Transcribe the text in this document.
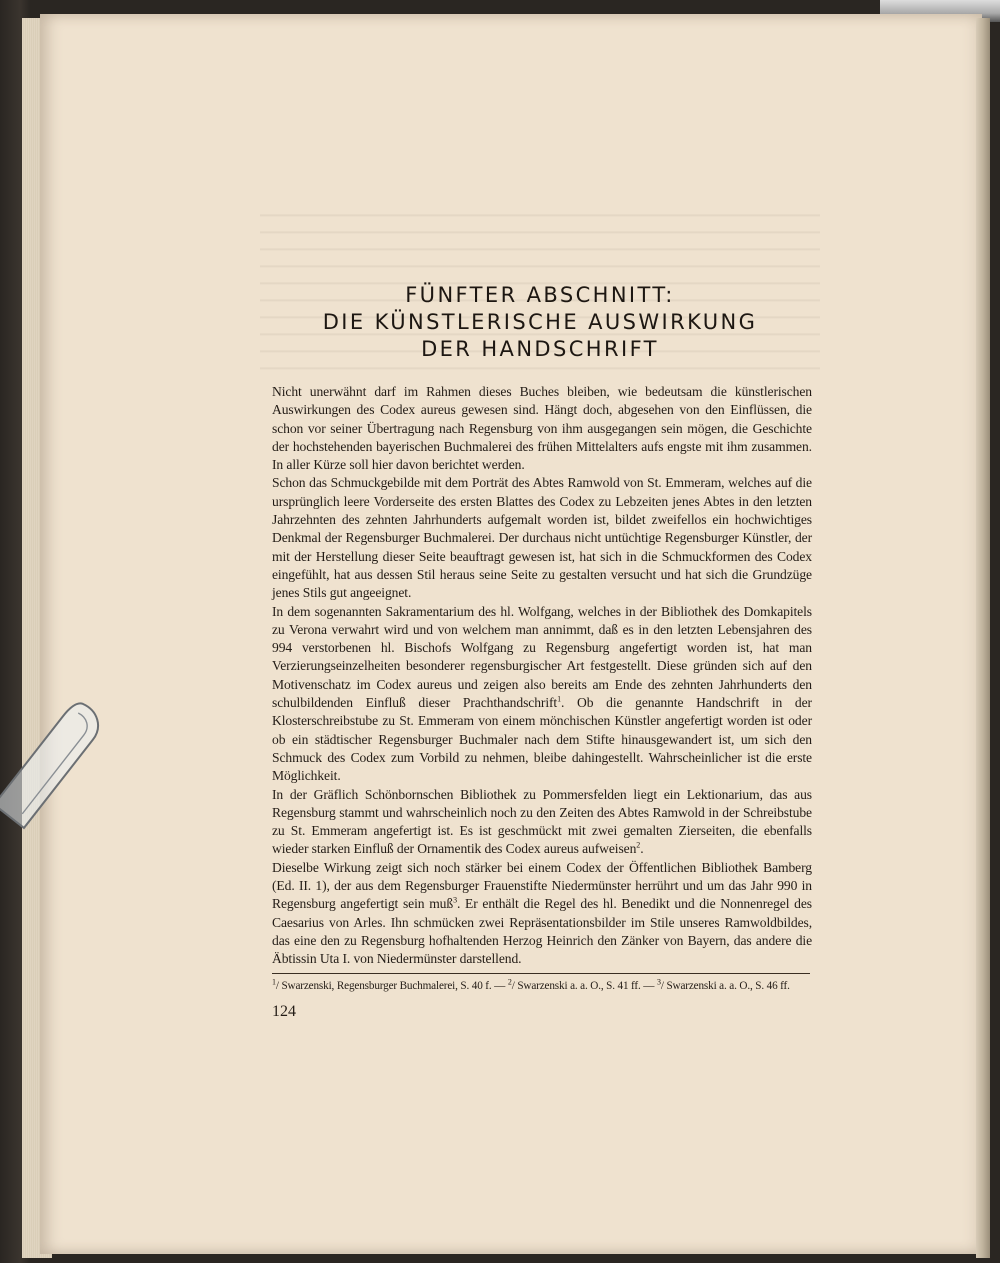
FÜNFTER ABSCHNITT:
DIE KÜNSTLERISCHE AUSWIRKUNG
DER HANDSCHRIFT

Nicht unerwähnt darf im Rahmen dieses Buches bleiben, wie bedeutsam die künstlerischen Auswirkungen des Codex aureus gewesen sind. Hängt doch, abgesehen von den Einflüssen, die schon vor seiner Übertragung nach Regensburg von ihm ausgegangen sein mögen, die Geschichte der hochstehenden bayerischen Buchmalerei des frühen Mittelalters aufs engste mit ihm zusammen. In aller Kürze soll hier davon berichtet werden.

Schon das Schmuckgebilde mit dem Porträt des Abtes Ramwold von St. Emmeram, welches auf die ursprünglich leere Vorderseite des ersten Blattes des Codex zu Lebzeiten jenes Abtes in den letzten Jahrzehnten des zehnten Jahrhunderts aufgemalt worden ist, bildet zweifellos ein hochwichtiges Denkmal der Regensburger Buchmalerei. Der durchaus nicht untüchtige Regensburger Künstler, der mit der Herstellung dieser Seite beauftragt gewesen ist, hat sich in die Schmuckformen des Codex eingefühlt, hat aus dessen Stil heraus seine Seite zu gestalten versucht und hat sich die Grundzüge jenes Stils gut angeeignet.

In dem sogenannten Sakramentarium des hl. Wolfgang, welches in der Bibliothek des Domkapitels zu Verona verwahrt wird und von welchem man annimmt, daß es in den letzten Lebensjahren des 994 verstorbenen hl. Bischofs Wolfgang zu Regensburg angefertigt worden ist, hat man Verzierungseinzelheiten besonderer regensburgischer Art festgestellt. Diese gründen sich auf den Motivenschatz im Codex aureus und zeigen also bereits am Ende des zehnten Jahrhunderts den schulbildenden Einfluß dieser Prachthandschrift$^1$. Ob die genannte Handschrift in der Klosterschreibstube zu St. Emmeram von einem mönchischen Künstler angefertigt worden ist oder ob ein städtischer Regensburger Buchmaler nach dem Stifte hinausgewandert ist, um sich den Schmuck des Codex zum Vorbild zu nehmen, bleibe dahingestellt. Wahrscheinlicher ist die erste Möglichkeit.

In der Gräflich Schönbornschen Bibliothek zu Pommersfelden liegt ein Lektionarium, das aus Regensburg stammt und wahrscheinlich noch zu den Zeiten des Abtes Ramwold in der Schreibstube zu St. Emmeram angefertigt ist. Es ist geschmückt mit zwei gemalten Zierseiten, die ebenfalls wieder starken Einfluß der Ornamentik des Codex aureus aufweisen$^2$.

Dieselbe Wirkung zeigt sich noch stärker bei einem Codex der Öffentlichen Bibliothek Bamberg (Ed. II. 1), der aus dem Regensburger Frauenstifte Niedermünster herrührt und um das Jahr 990 in Regensburg angefertigt sein muß$^3$. Er enthält die Regel des hl. Benedikt und die Nonnenregel des Caesarius von Arles. Ihn schmücken zwei Repräsentationsbilder im Stile unseres Ramwoldbildes, das eine den zu Regensburg hofhaltenden Herzog Heinrich den Zänker von Bayern, das andere die Äbtissin Uta I. von Niedermünster darstellend.

$^1$/ Swarzenski, Regensburger Buchmalerei, S. 40 f. — $^2$/ Swarzenski a. a. O., S. 41 ff. — $^3$/ Swarzenski a. a. O., S. 46 ff.
124
